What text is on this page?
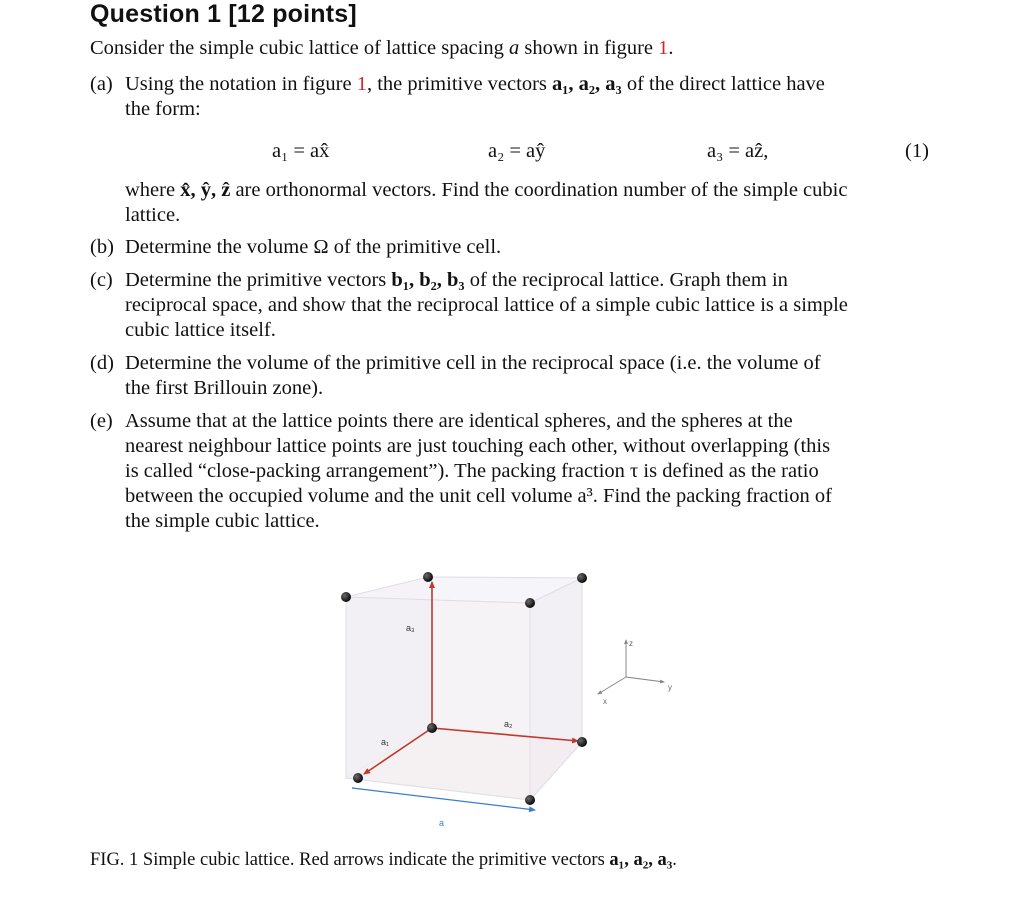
Question 1 [12 points]
Consider the simple cubic lattice of lattice spacing a shown in figure 1.
(a) Using the notation in figure 1, the primitive vectors a₁, a₂, a₃ of the direct lattice have
the form:
a₁ = ax̂	a₂ = aŷ	a₃ = aẑ,	(1)
where x̂, ŷ, ẑ are orthonormal vectors. Find the coordination number of the simple cubic
lattice.
(b) Determine the volume Ω of the primitive cell.
(c) Determine the primitive vectors b₁, b₂, b₃ of the reciprocal lattice. Graph them in
reciprocal space, and show that the reciprocal lattice of a simple cubic lattice is a simple
cubic lattice itself.
(d) Determine the volume of the primitive cell in the reciprocal space (i.e. the volume of
the first Brillouin zone).
(e) Assume that at the lattice points there are identical spheres, and the spheres at the
nearest neighbour lattice points are just touching each other, without overlapping (this
is called “close-packing arrangement”). The packing fraction τ is defined as the ratio
between the occupied volume and the unit cell volume a³. Find the packing fraction of
the simple cubic lattice.
z
y
x
a₃
a₂
a₁
a
FIG. 1 Simple cubic lattice. Red arrows indicate the primitive vectors a₁, a₂, a₃.
